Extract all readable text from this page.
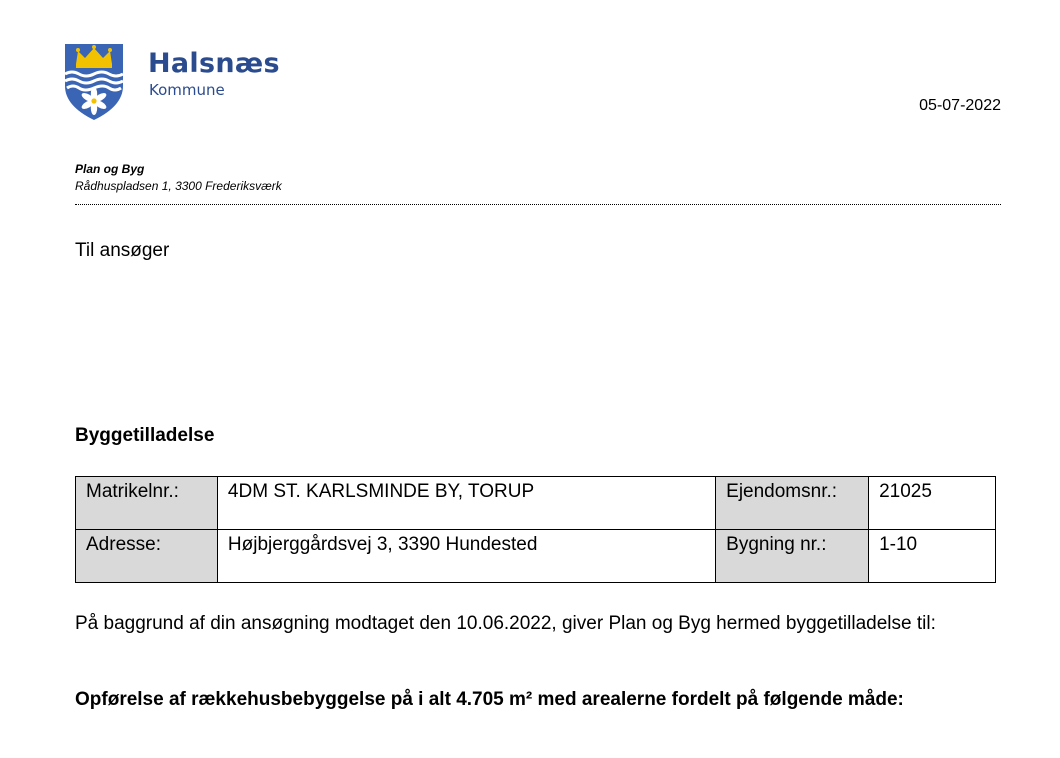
Halsnæs
Kommune
05-07-2022
Plan og Byg
Rådhuspladsen 1, 3300 Frederiksværk
Til ansøger
Byggetilladelse
Matrikelnr.:	4DM ST. KARLSMINDE BY, TORUP	Ejendomsnr.:	21025
Adresse:	Højbjerggårdsvej 3, 3390 Hundested	Bygning nr.:	1-10
På baggrund af din ansøgning modtaget den 10.06.2022, giver Plan og Byg hermed byggetilladelse til:
Opførelse af rækkehusbebyggelse på i alt 4.705 m² med arealerne fordelt på følgende måde:
